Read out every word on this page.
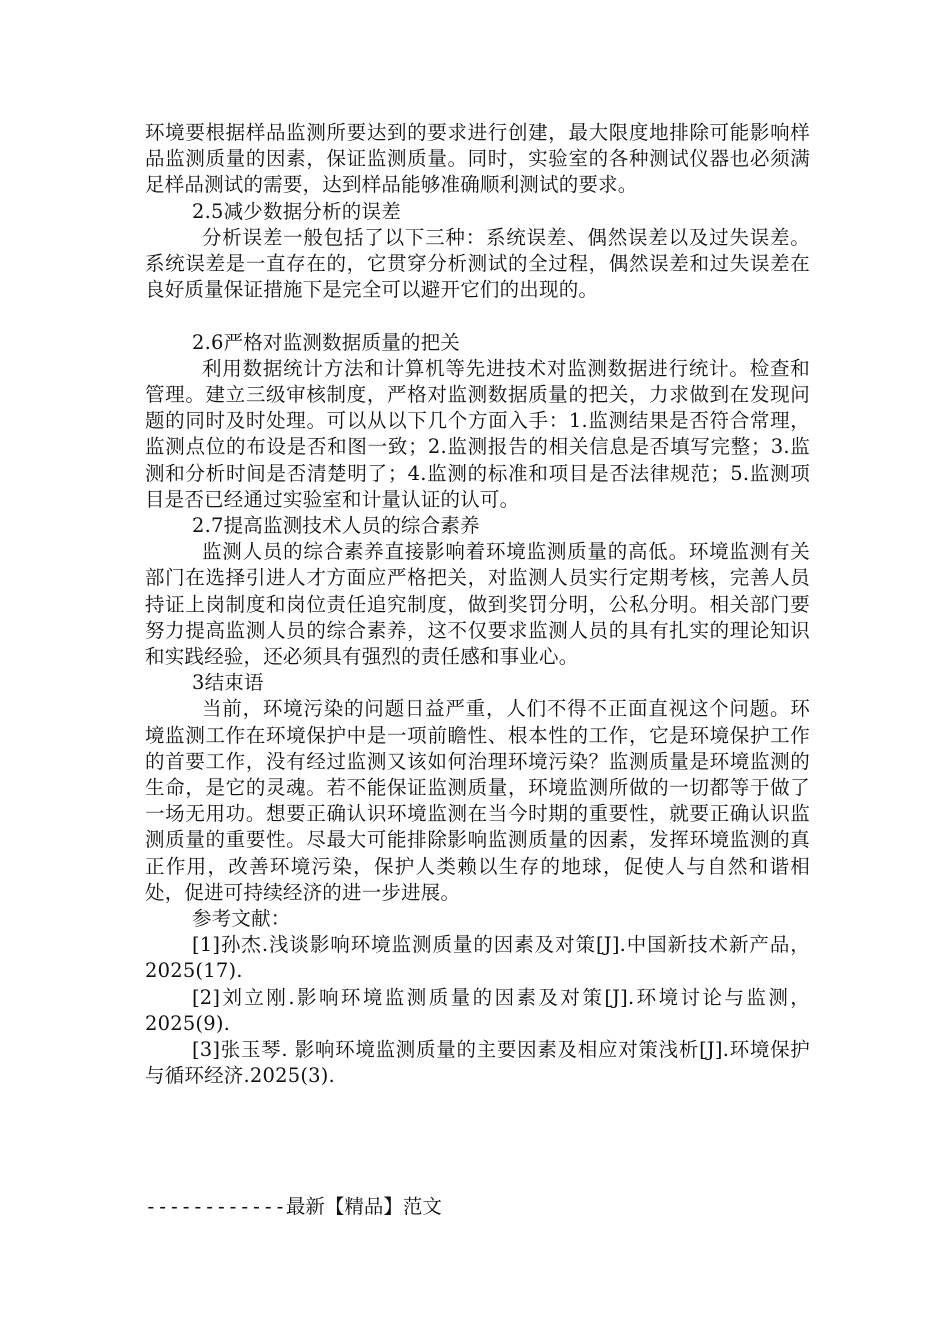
环境要根据样品监测所要达到的要求进行创建，最大限度地排除可能影响样品监测质量的因素，保证监测质量。同时，实验室的各种测试仪器也必须满足样品测试的需要，达到样品能够准确顺利测试的要求。

2.5减少数据分析的误差

分析误差一般包括了以下三种：系统误差、偶然误差以及过失误差。系统误差是一直存在的，它贯穿分析测试的全过程，偶然误差和过失误差在良好质量保证措施下是完全可以避开它们的出现的。

2.6严格对监测数据质量的把关

利用数据统计方法和计算机等先进技术对监测数据进行统计。检查和管理。建立三级审核制度，严格对监测数据质量的把关，力求做到在发现问题的同时及时处理。可以从以下几个方面入手：1.监测结果是否符合常理，监测点位的布设是否和图一致；2.监测报告的相关信息是否填写完整；3.监测和分析时间是否清楚明了；4.监测的标准和项目是否法律规范；5.监测项目是否已经通过实验室和计量认证的认可。

2.7提高监测技术人员的综合素养

监测人员的综合素养直接影响着环境监测质量的高低。环境监测有关部门在选择引进人才方面应严格把关，对监测人员实行定期考核，完善人员持证上岗制度和岗位责任追究制度，做到奖罚分明，公私分明。相关部门要努力提高监测人员的综合素养，这不仅要求监测人员的具有扎实的理论知识和实践经验，还必须具有强烈的责任感和事业心。

3结束语

当前，环境污染的问题日益严重，人们不得不正面直视这个问题。环境监测工作在环境保护中是一项前瞻性、根本性的工作，它是环境保护工作的首要工作，没有经过监测又该如何治理环境污染？监测质量是环境监测的生命，是它的灵魂。若不能保证监测质量，环境监测所做的一切都等于做了一场无用功。想要正确认识环境监测在当今时期的重要性，就要正确认识监测质量的重要性。尽最大可能排除影响监测质量的因素，发挥环境监测的真正作用，改善环境污染，保护人类赖以生存的地球，促使人与自然和谐相处，促进可持续经济的进一步进展。

参考文献：

[1]孙杰.浅谈影响环境监测质量的因素及对策[J].中国新技术新产品，2025(17).

[2]刘立刚.影响环境监测质量的因素及对策[J].环境讨论与监测，2025(9).

[3]张玉琴. 影响环境监测质量的主要因素及相应对策浅析[J].环境保护与循环经济.2025(3).

------------最新【精品】范文
